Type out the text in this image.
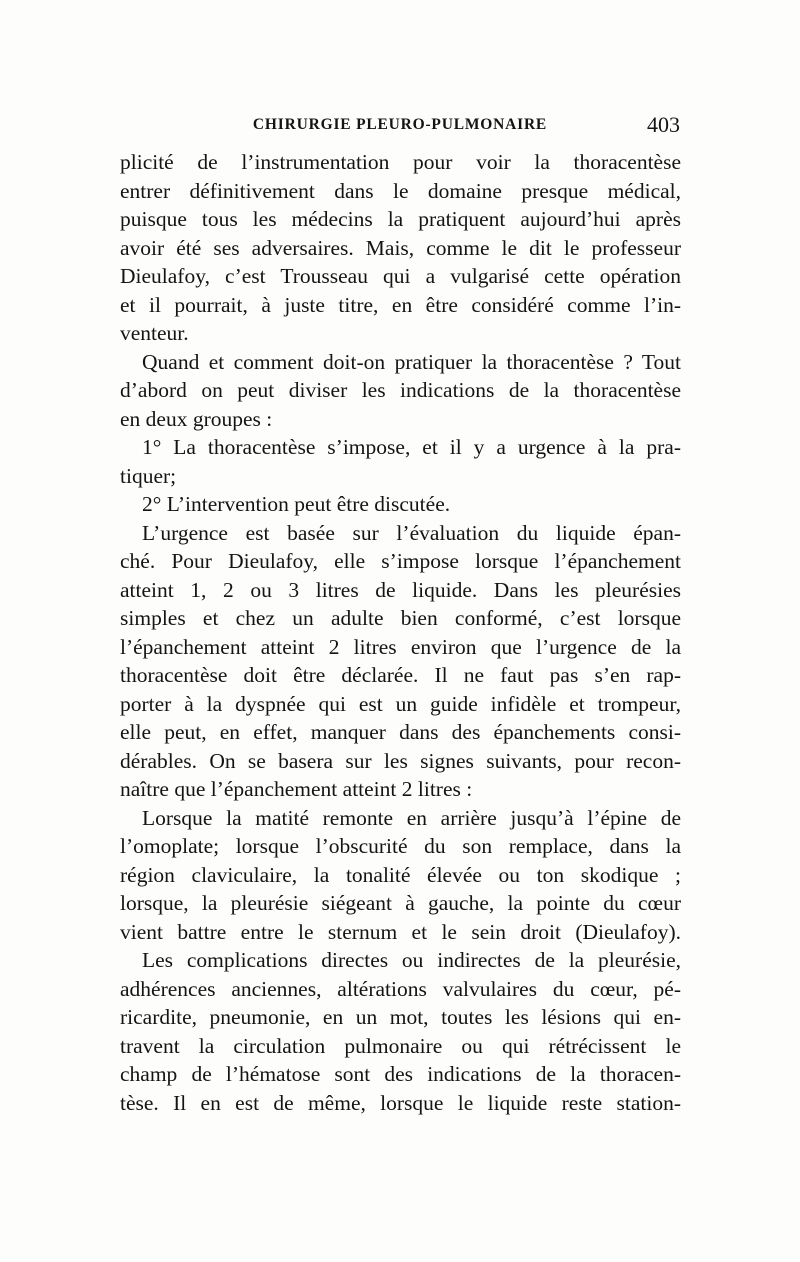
CHIRURGIE PLEURO-PULMONAIRE	403
plicité de l’instrumentation pour voir la thoracentèse
entrer définitivement dans le domaine presque médical,
puisque tous les médecins la pratiquent aujourd’hui après
avoir été ses adversaires. Mais, comme le dit le professeur
Dieulafoy, c’est Trousseau qui a vulgarisé cette opération
et il pourrait, à juste titre, en être considéré comme l’in-
venteur.
Quand et comment doit-on pratiquer la thoracentèse ? Tout
d’abord on peut diviser les indications de la thoracentèse
en deux groupes :
1° La thoracentèse s’impose, et il y a urgence à la pra-
tiquer;
2° L’intervention peut être discutée.
L’urgence est basée sur l’évaluation du liquide épan-
ché. Pour Dieulafoy, elle s’impose lorsque l’épanchement
atteint 1, 2 ou 3 litres de liquide. Dans les pleurésies
simples et chez un adulte bien conformé, c’est lorsque
l’épanchement atteint 2 litres environ que l’urgence de la
thoracentèse doit être déclarée. Il ne faut pas s’en rap-
porter à la dyspnée qui est un guide infidèle et trompeur,
elle peut, en effet, manquer dans des épanchements consi-
dérables. On se basera sur les signes suivants, pour recon-
naître que l’épanchement atteint 2 litres :
Lorsque la matité remonte en arrière jusqu’à l’épine de
l’omoplate; lorsque l’obscurité du son remplace, dans la
région claviculaire, la tonalité élevée ou ton skodique ;
lorsque, la pleurésie siégeant à gauche, la pointe du cœur
vient battre entre le sternum et le sein droit (Dieulafoy).
Les complications directes ou indirectes de la pleurésie,
adhérences anciennes, altérations valvulaires du cœur, pé-
ricardite, pneumonie, en un mot, toutes les lésions qui en-
travent la circulation pulmonaire ou qui rétrécissent le
champ de l’hématose sont des indications de la thoracen-
tèse. Il en est de même, lorsque le liquide reste station-
